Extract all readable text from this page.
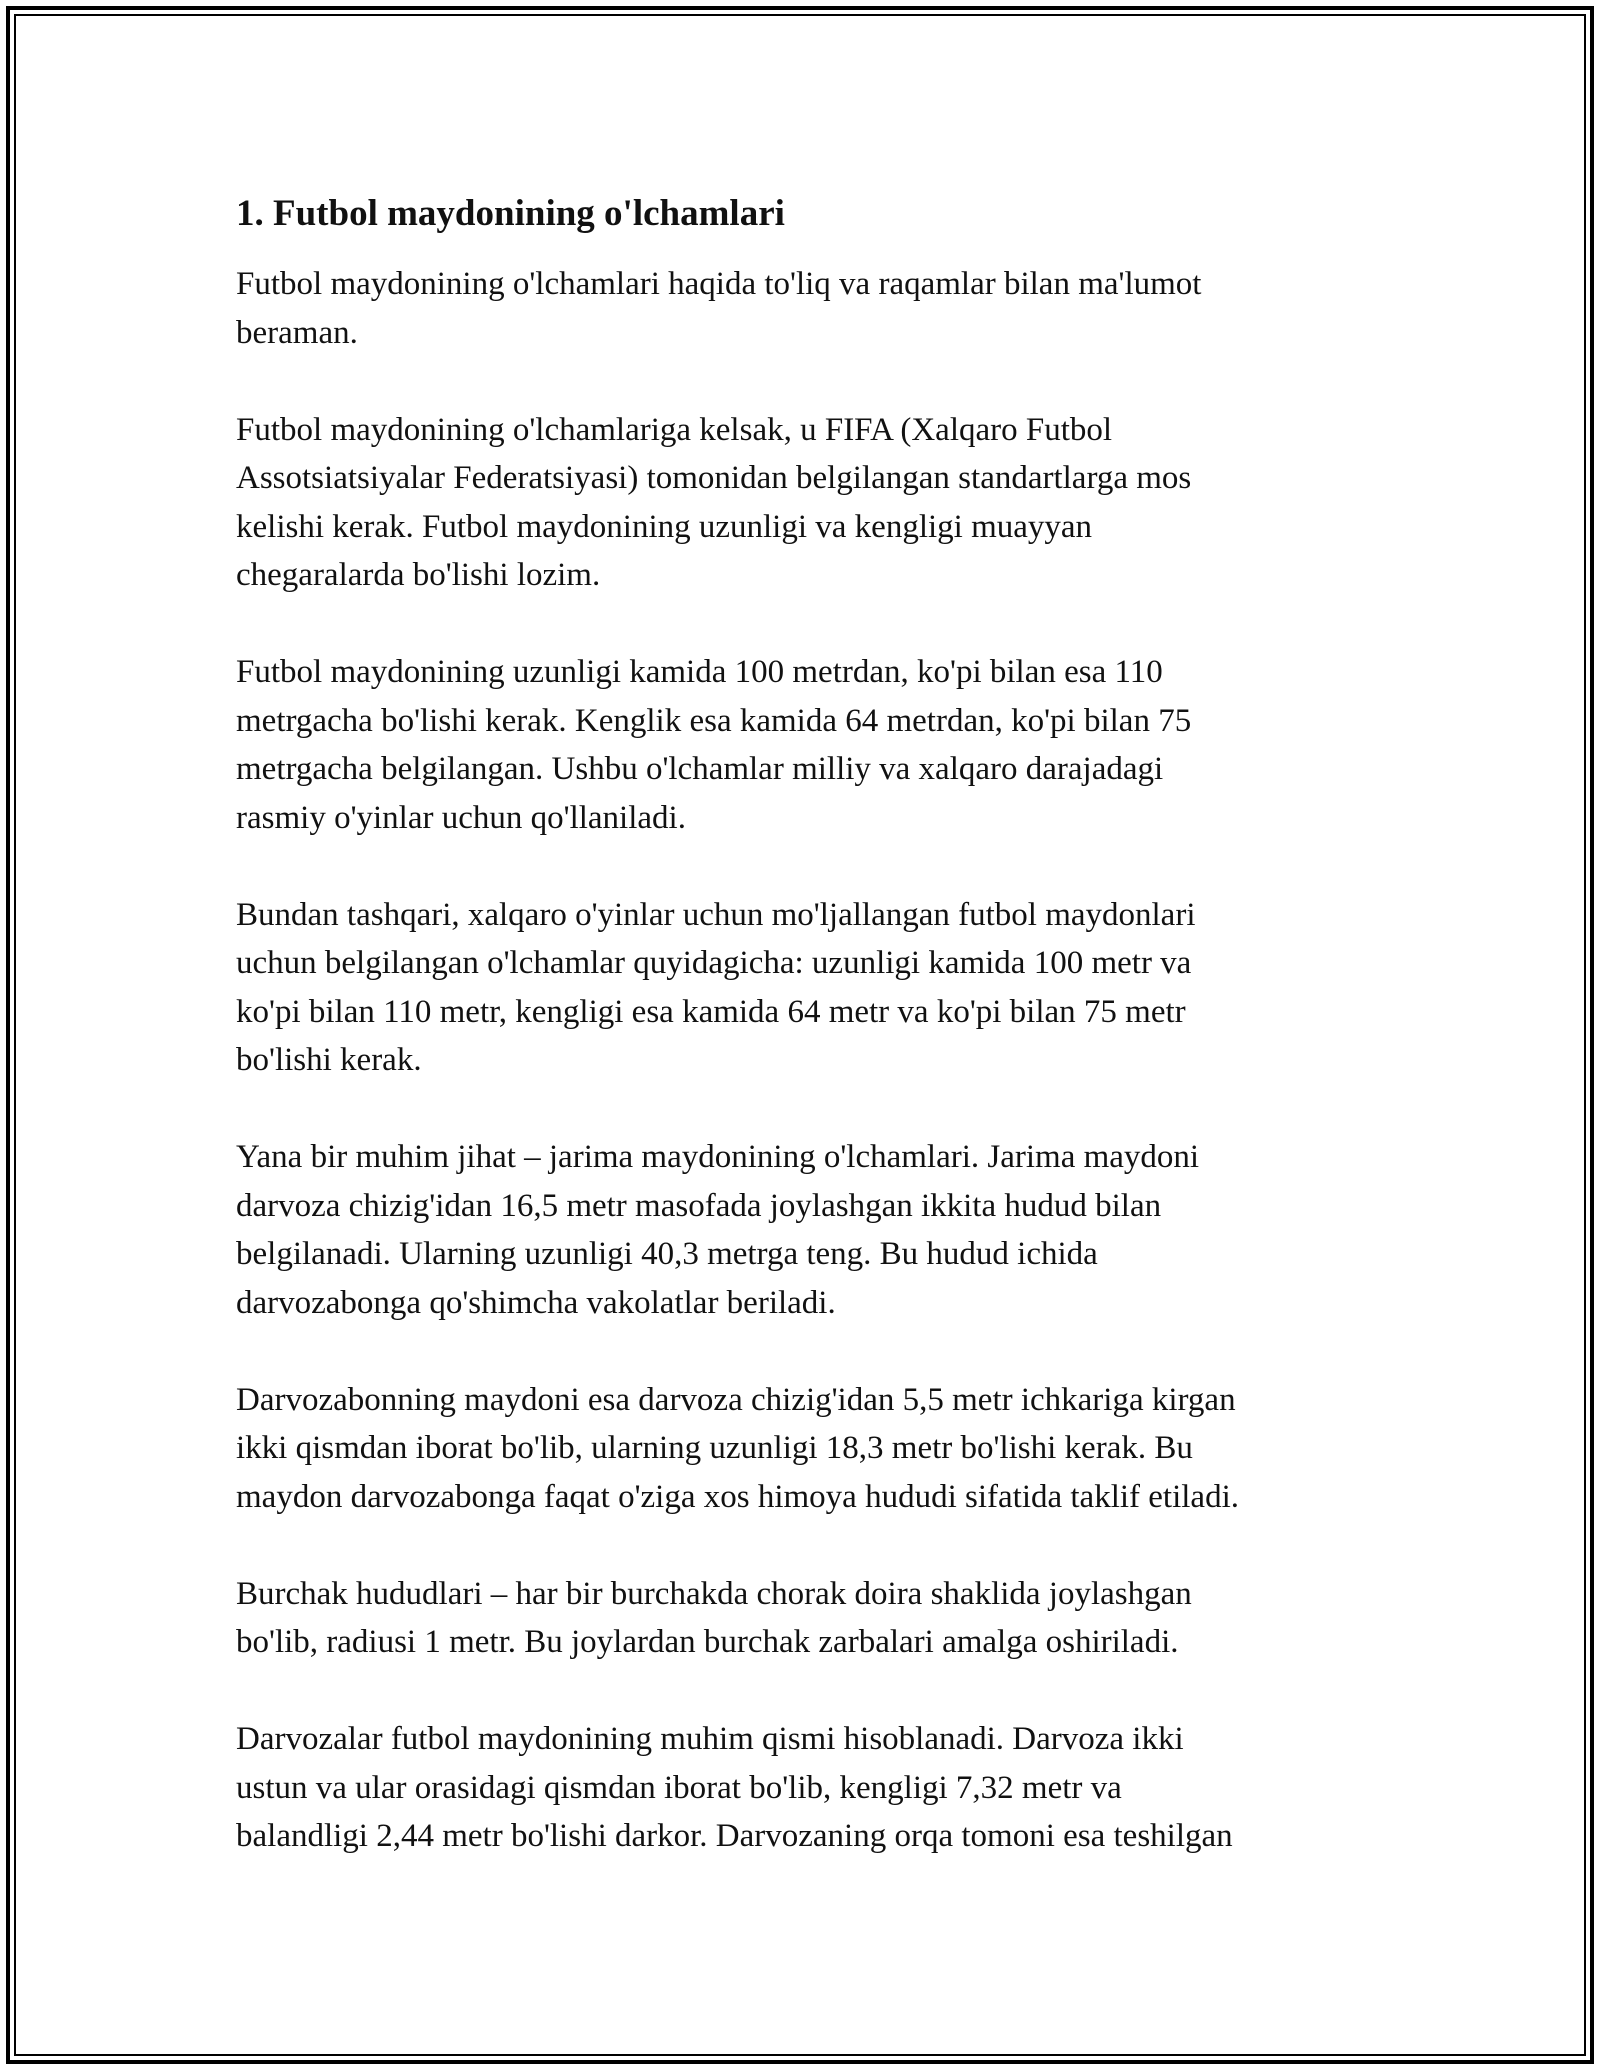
1. Futbol maydonining o'lchamlari

Futbol maydonining o'lchamlari haqida to'liq va raqamlar bilan ma'lumot
beraman.

Futbol maydonining o'lchamlariga kelsak, u FIFA (Xalqaro Futbol
Assotsiatsiyalar Federatsiyasi) tomonidan belgilangan standartlarga mos
kelishi kerak. Futbol maydonining uzunligi va kengligi muayyan
chegaralarda bo'lishi lozim.

Futbol maydonining uzunligi kamida 100 metrdan, ko'pi bilan esa 110
metrgacha bo'lishi kerak. Kenglik esa kamida 64 metrdan, ko'pi bilan 75
metrgacha belgilangan. Ushbu o'lchamlar milliy va xalqaro darajadagi
rasmiy o'yinlar uchun qo'llaniladi.

Bundan tashqari, xalqaro o'yinlar uchun mo'ljallangan futbol maydonlari
uchun belgilangan o'lchamlar quyidagicha: uzunligi kamida 100 metr va
ko'pi bilan 110 metr, kengligi esa kamida 64 metr va ko'pi bilan 75 metr
bo'lishi kerak.

Yana bir muhim jihat – jarima maydonining o'lchamlari. Jarima maydoni
darvoza chizig'idan 16,5 metr masofada joylashgan ikkita hudud bilan
belgilanadi. Ularning uzunligi 40,3 metrga teng. Bu hudud ichida
darvozabonga qo'shimcha vakolatlar beriladi.

Darvozabonning maydoni esa darvoza chizig'idan 5,5 metr ichkariga kirgan
ikki qismdan iborat bo'lib, ularning uzunligi 18,3 metr bo'lishi kerak. Bu
maydon darvozabonga faqat o'ziga xos himoya hududi sifatida taklif etiladi.

Burchak hududlari – har bir burchakda chorak doira shaklida joylashgan
bo'lib, radiusi 1 metr. Bu joylardan burchak zarbalari amalga oshiriladi.

Darvozalar futbol maydonining muhim qismi hisoblanadi. Darvoza ikki
ustun va ular orasidagi qismdan iborat bo'lib, kengligi 7,32 metr va
balandligi 2,44 metr bo'lishi darkor. Darvozaning orqa tomoni esa teshilgan
